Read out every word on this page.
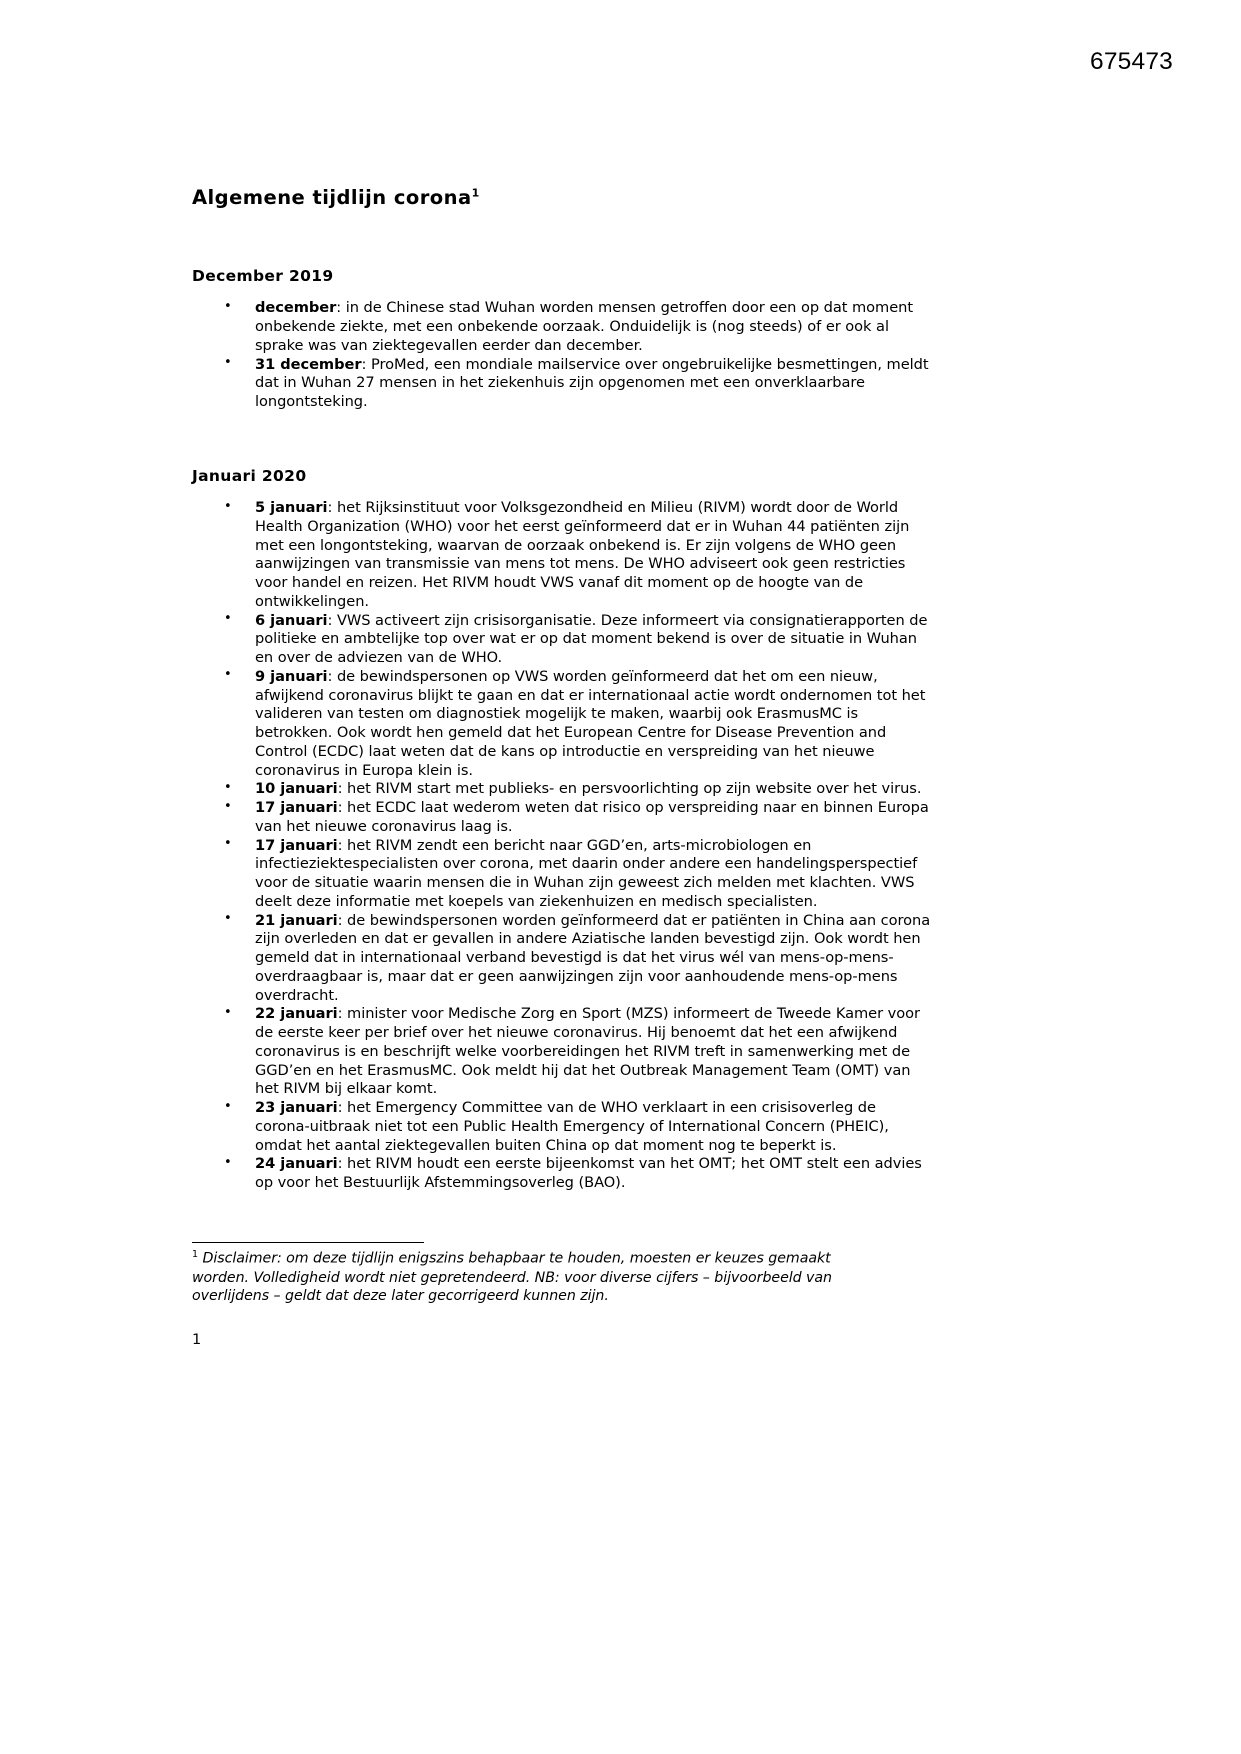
675473
Algemene tijdlijn corona$^1$
December 2019
• december: in de Chinese stad Wuhan worden mensen getroffen door een op dat moment onbekende ziekte, met een onbekende oorzaak. Onduidelijk is (nog steeds) of er ook al sprake was van ziektegevallen eerder dan december.
• 31 december: ProMed, een mondiale mailservice over ongebruikelijke besmettingen, meldt dat in Wuhan 27 mensen in het ziekenhuis zijn opgenomen met een onverklaarbare longontsteking.
Januari 2020
• 5 januari: het Rijksinstituut voor Volksgezondheid en Milieu (RIVM) wordt door de World Health Organization (WHO) voor het eerst geïnformeerd dat er in Wuhan 44 patiënten zijn met een longontsteking, waarvan de oorzaak onbekend is. Er zijn volgens de WHO geen aanwijzingen van transmissie van mens tot mens. De WHO adviseert ook geen restricties voor handel en reizen. Het RIVM houdt VWS vanaf dit moment op de hoogte van de ontwikkelingen.
• 6 januari: VWS activeert zijn crisisorganisatie. Deze informeert via consignatierapporten de politieke en ambtelijke top over wat er op dat moment bekend is over de situatie in Wuhan en over de adviezen van de WHO.
• 9 januari: de bewindspersonen op VWS worden geïnformeerd dat het om een nieuw, afwijkend coronavirus blijkt te gaan en dat er internationaal actie wordt ondernomen tot het valideren van testen om diagnostiek mogelijk te maken, waarbij ook ErasmusMC is betrokken. Ook wordt hen gemeld dat het European Centre for Disease Prevention and Control (ECDC) laat weten dat de kans op introductie en verspreiding van het nieuwe coronavirus in Europa klein is.
• 10 januari: het RIVM start met publieks- en persvoorlichting op zijn website over het virus.
• 17 januari: het ECDC laat wederom weten dat risico op verspreiding naar en binnen Europa van het nieuwe coronavirus laag is.
• 17 januari: het RIVM zendt een bericht naar GGD’en, arts-microbiologen en infectieziektespecialisten over corona, met daarin onder andere een handelingsperspectief voor de situatie waarin mensen die in Wuhan zijn geweest zich melden met klachten. VWS deelt deze informatie met koepels van ziekenhuizen en medisch specialisten.
• 21 januari: de bewindspersonen worden geïnformeerd dat er patiënten in China aan corona zijn overleden en dat er gevallen in andere Aziatische landen bevestigd zijn. Ook wordt hen gemeld dat in internationaal verband bevestigd is dat het virus wél van mens-op-mens-overdraagbaar is, maar dat er geen aanwijzingen zijn voor aanhoudende mens-op-mens overdracht.
• 22 januari: minister voor Medische Zorg en Sport (MZS) informeert de Tweede Kamer voor de eerste keer per brief over het nieuwe coronavirus. Hij benoemt dat het een afwijkend coronavirus is en beschrijft welke voorbereidingen het RIVM treft in samenwerking met de GGD’en en het ErasmusMC. Ook meldt hij dat het Outbreak Management Team (OMT) van het RIVM bij elkaar komt.
• 23 januari: het Emergency Committee van de WHO verklaart in een crisisoverleg de corona-uitbraak niet tot een Public Health Emergency of International Concern (PHEIC), omdat het aantal ziektegevallen buiten China op dat moment nog te beperkt is.
• 24 januari: het RIVM houdt een eerste bijeenkomst van het OMT; het OMT stelt een advies op voor het Bestuurlijk Afstemmingsoverleg (BAO).

$^1$ Disclaimer: om deze tijdlijn enigszins behapbaar te houden, moesten er keuzes gemaakt worden. Volledigheid wordt niet gepretendeerd. NB: voor diverse cijfers – bijvoorbeeld van overlijdens – geldt dat deze later gecorrigeerd kunnen zijn.

1
